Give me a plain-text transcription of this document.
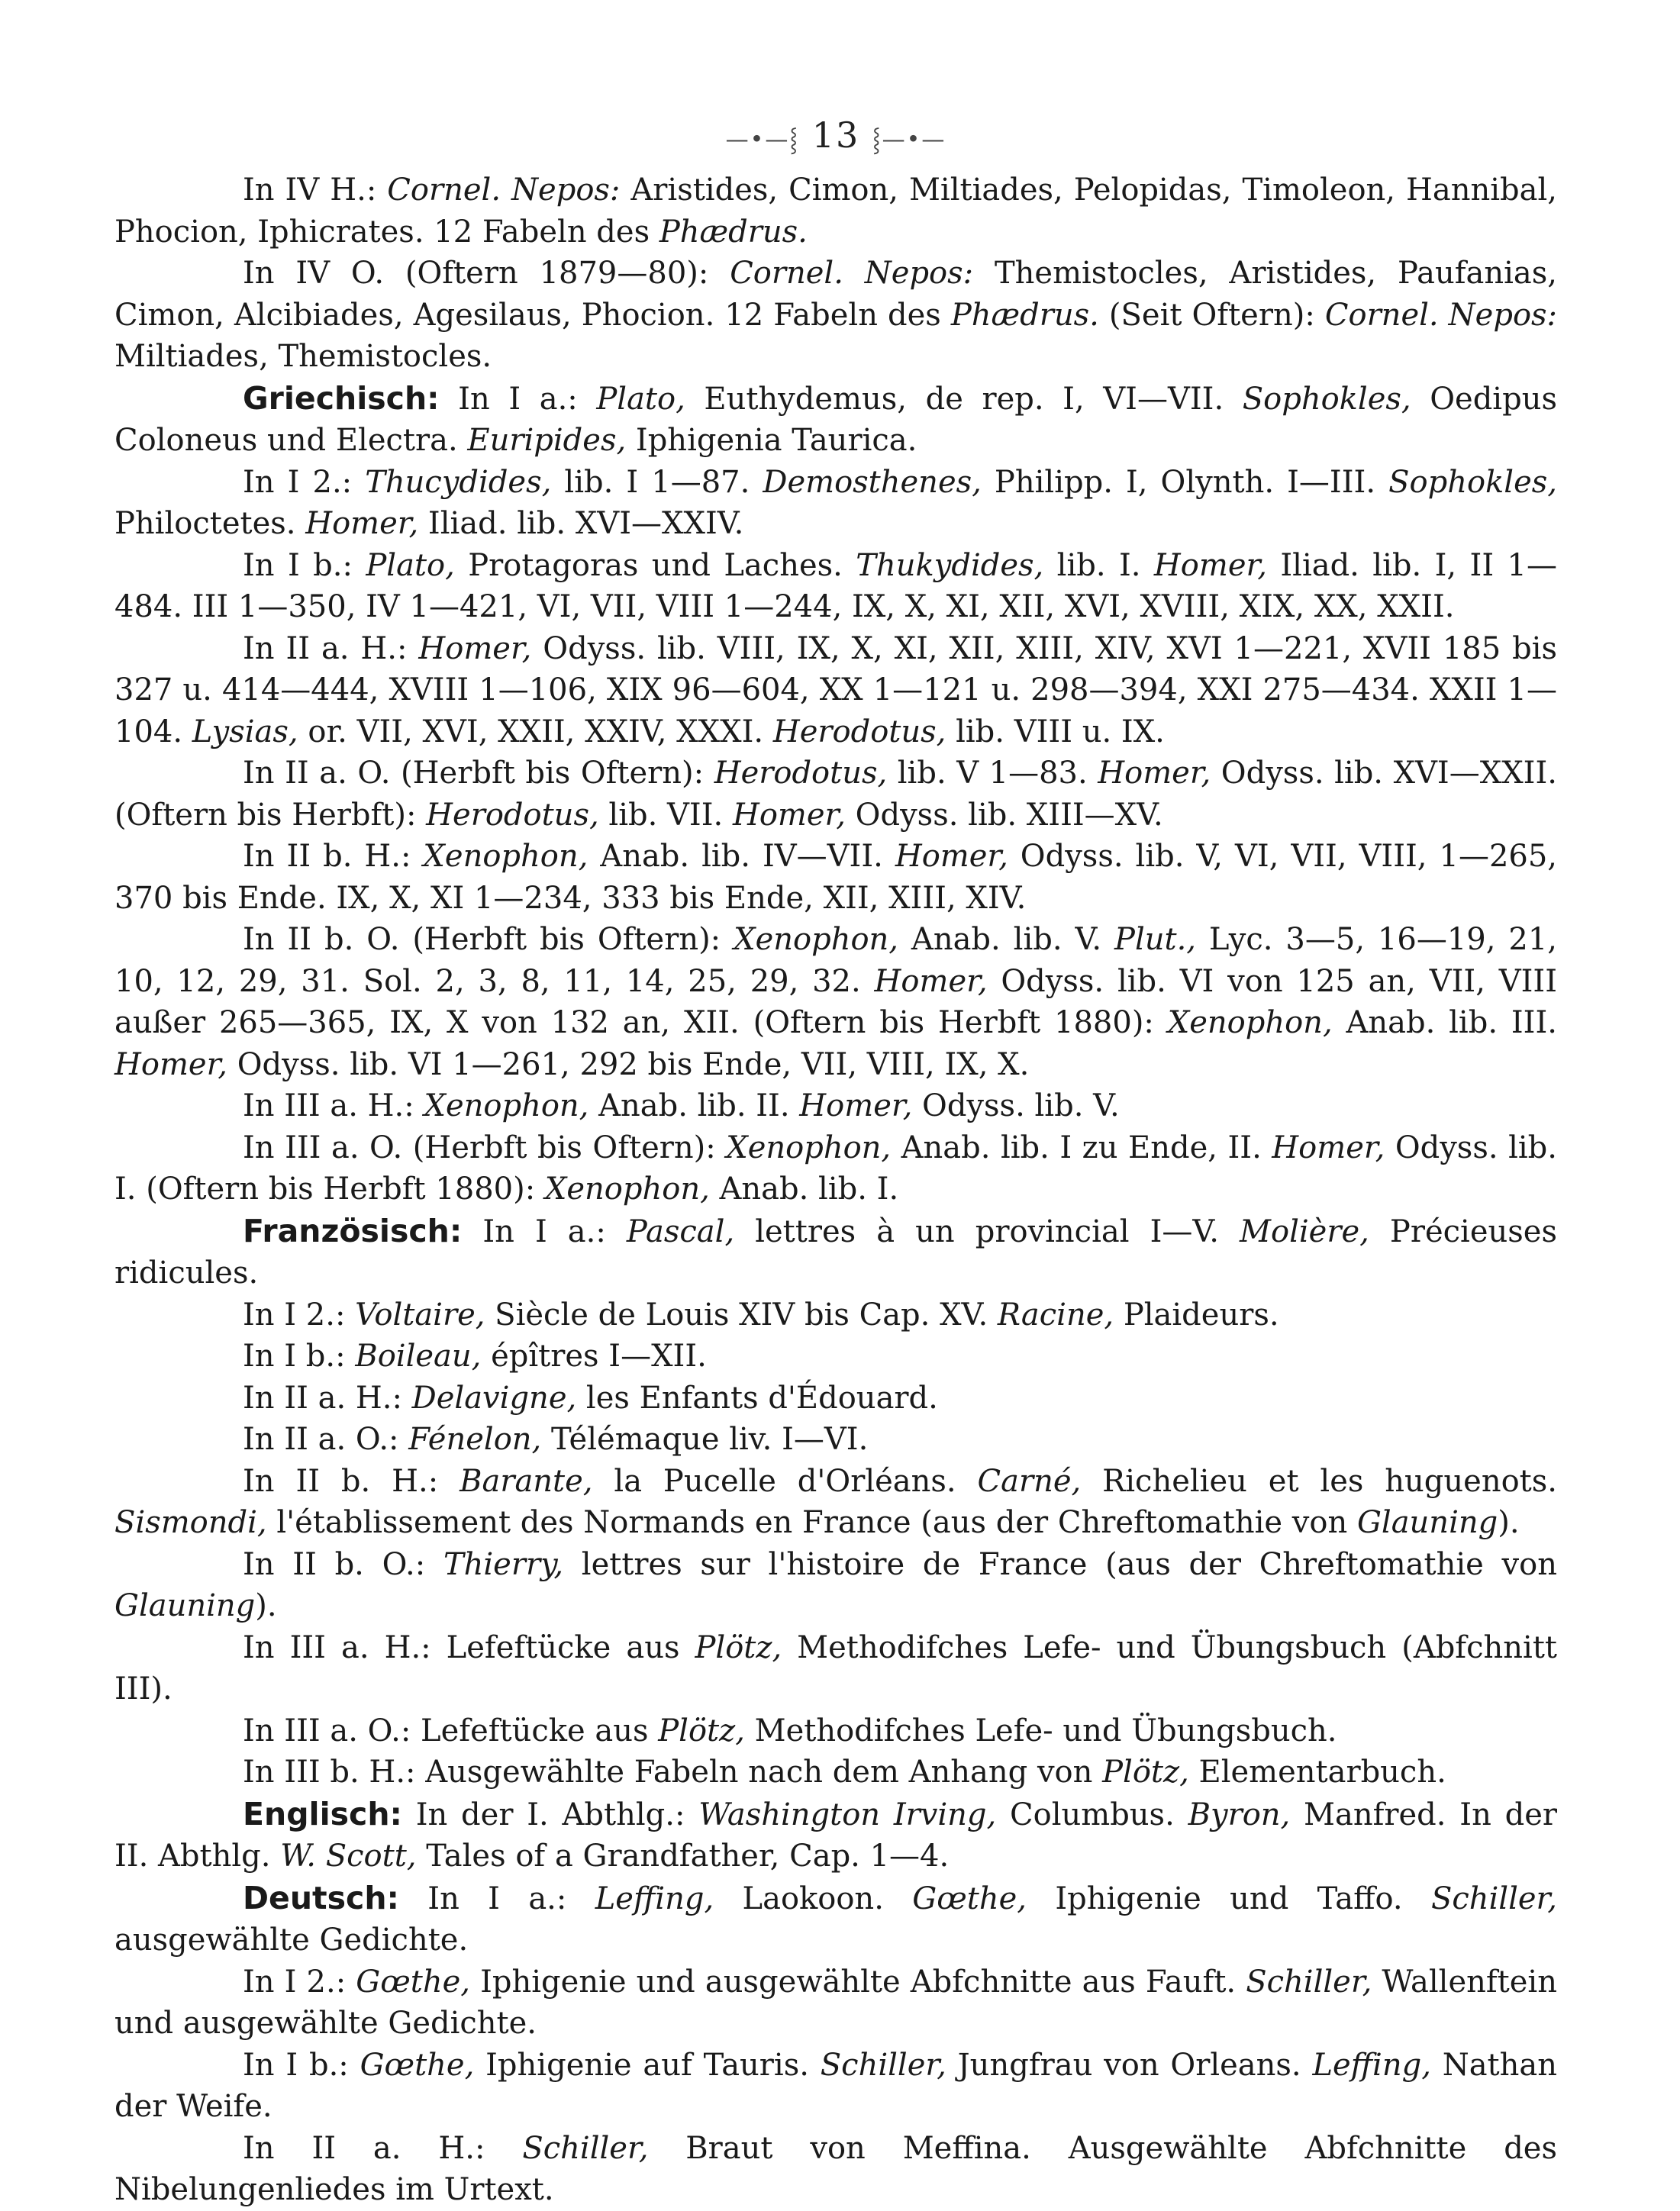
—•—⸾ 13 ⸾—•—

In IV H.: Cornel. Nepos: Aristides, Cimon, Miltiades, Pelopidas, Timoleon, Hannibal, Phocion, Iphicrates. 12 Fabeln des Phædrus.

In IV O. (Oftern 1879—80): Cornel. Nepos: Themistocles, Aristides, Paufanias, Cimon, Alcibiades, Agesilaus, Phocion. 12 Fabeln des Phædrus. (Seit Oftern): Cornel. Nepos: Miltiades, Themistocles.

Griechisch: In I a.: Plato, Euthydemus, de rep. I, VI—VII. Sophokles, Oedipus Coloneus und Electra. Euripides, Iphigenia Taurica.

In I 2.: Thucydides, lib. I 1—87. Demosthenes, Philipp. I, Olynth. I—III. Sophokles, Philoctetes. Homer, Iliad. lib. XVI—XXIV.

In I b.: Plato, Protagoras und Laches. Thukydides, lib. I. Homer, Iliad. lib. I, II 1—484. III 1—350, IV 1—421, VI, VII, VIII 1—244, IX, X, XI, XII, XVI, XVIII, XIX, XX, XXII.

In II a. H.: Homer, Odyss. lib. VIII, IX, X, XI, XII, XIII, XIV, XVI 1—221, XVII 185 bis 327 u. 414—444, XVIII 1—106, XIX 96—604, XX 1—121 u. 298—394, XXI 275—434. XXII 1—104. Lysias, or. VII, XVI, XXII, XXIV, XXXI. Herodotus, lib. VIII u. IX.

In II a. O. (Herbft bis Oftern): Herodotus, lib. V 1—83. Homer, Odyss. lib. XVI—XXII. (Oftern bis Herbft): Herodotus, lib. VII. Homer, Odyss. lib. XIII—XV.

In II b. H.: Xenophon, Anab. lib. IV—VII. Homer, Odyss. lib. V, VI, VII, VIII, 1—265, 370 bis Ende. IX, X, XI 1—234, 333 bis Ende, XII, XIII, XIV.

In II b. O. (Herbft bis Oftern): Xenophon, Anab. lib. V. Plut., Lyc. 3—5, 16—19, 21, 10, 12, 29, 31. Sol. 2, 3, 8, 11, 14, 25, 29, 32. Homer, Odyss. lib. VI von 125 an, VII, VIII außer 265—365, IX, X von 132 an, XII. (Oftern bis Herbft 1880): Xenophon, Anab. lib. III. Homer, Odyss. lib. VI 1—261, 292 bis Ende, VII, VIII, IX, X.

In III a. H.: Xenophon, Anab. lib. II. Homer, Odyss. lib. V.

In III a. O. (Herbft bis Oftern): Xenophon, Anab. lib. I zu Ende, II. Homer, Odyss. lib. I. (Oftern bis Herbft 1880): Xenophon, Anab. lib. I.

Französisch: In I a.: Pascal, lettres à un provincial I—V. Molière, Précieuses ridicules.

In I 2.: Voltaire, Siècle de Louis XIV bis Cap. XV. Racine, Plaideurs.

In I b.: Boileau, épîtres I—XII.

In II a. H.: Delavigne, les Enfants d'Édouard.

In II a. O.: Fénelon, Télémaque liv. I—VI.

In II b. H.: Barante, la Pucelle d'Orléans. Carné, Richelieu et les huguenots. Sismondi, l'établissement des Normands en France (aus der Chreftomathie von Glauning).

In II b. O.: Thierry, lettres sur l'histoire de France (aus der Chreftomathie von Glauning).

In III a. H.: Lefeftücke aus Plötz, Methodifches Lefe- und Übungsbuch (Abfchnitt III).

In III a. O.: Lefeftücke aus Plötz, Methodifches Lefe- und Übungsbuch.

In III b. H.: Ausgewählte Fabeln nach dem Anhang von Plötz, Elementarbuch.

Englisch: In der I. Abthlg.: Washington Irving, Columbus. Byron, Manfred. In der II. Abthlg. W. Scott, Tales of a Grandfather, Cap. 1—4.

Deutsch: In I a.: Leffing, Laokoon. Gœthe, Iphigenie und Taffo. Schiller, ausgewählte Gedichte.

In I 2.: Gœthe, Iphigenie und ausgewählte Abfchnitte aus Fauft. Schiller, Wallenftein und ausgewählte Gedichte.

In I b.: Gœthe, Iphigenie auf Tauris. Schiller, Jungfrau von Orleans. Leffing, Nathan der Weife.

In II a. H.: Schiller, Braut von Meffina. Ausgewählte Abfchnitte des Nibelungenliedes im Urtext.
